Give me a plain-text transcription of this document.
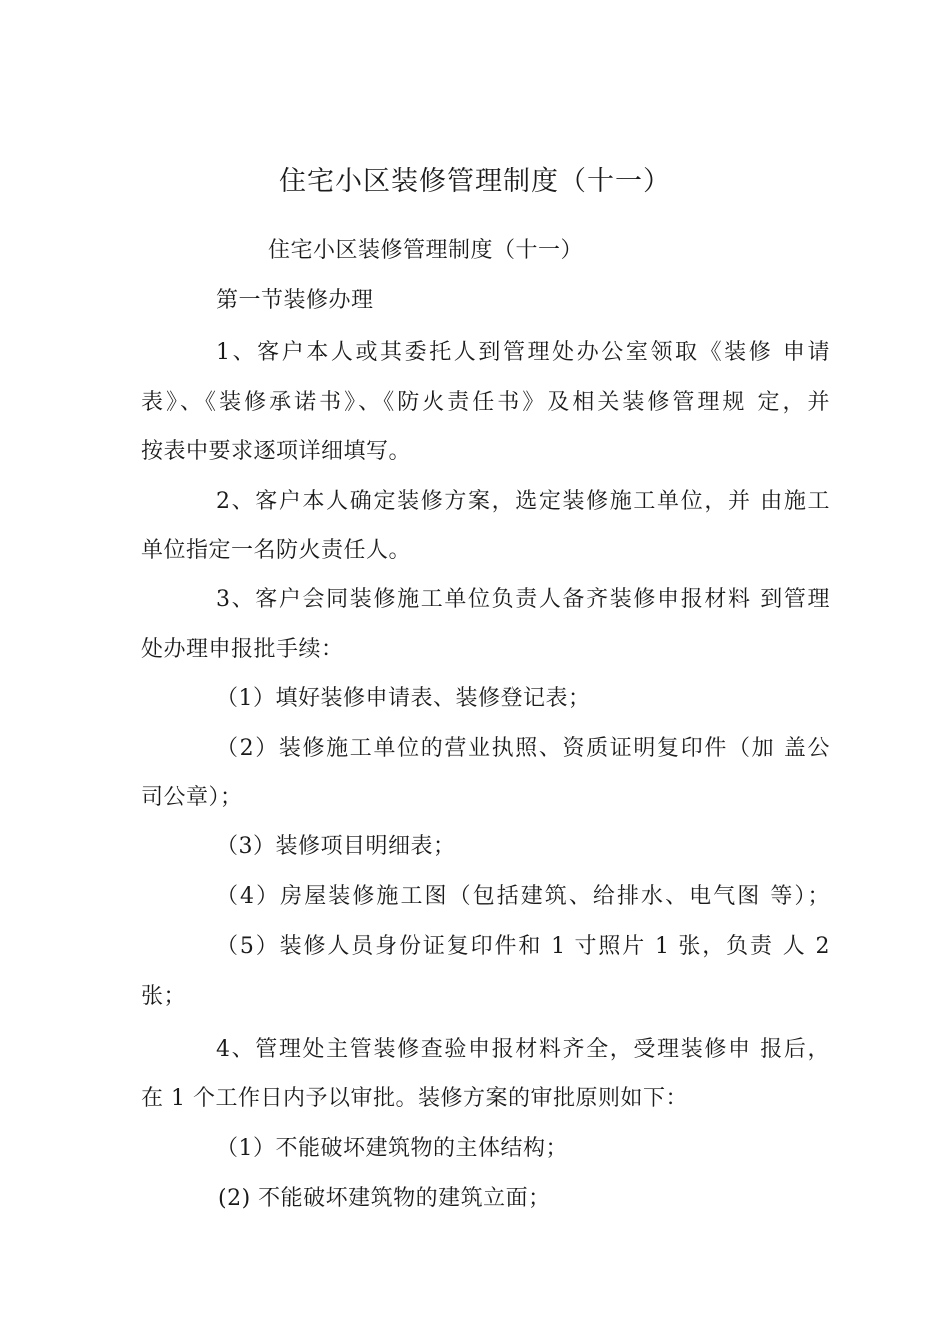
住宅小区装修管理制度（十一）
住宅小区装修管理制度（十一）
第一节装修办理
1、客户本人或其委托人到管理处办公室领取《装修 申请
表》、《装修承诺书》、《防火责任书》及相关装修管理规 定，并
按表中要求逐项详细填写。
2、客户本人确定装修方案，选定装修施工单位，并 由施工
单位指定一名防火责任人。
3、客户会同装修施工单位负责人备齐装修申报材料 到管理
处办理申报批手续：
（1）填好装修申请表、装修登记表；
（2）装修施工单位的营业执照、资质证明复印件（加 盖公
司公章）；
（3）装修项目明细表；
（4）房屋装修施工图（包括建筑、给排水、电气图 等）；
（5）装修人员身份证复印件和 1 寸照片 1 张，负责 人 2
张；
4、管理处主管装修查验申报材料齐全，受理装修申 报后，
在 1 个工作日内予以审批。装修方案的审批原则如下：
（1）不能破坏建筑物的主体结构；
(2) 不能破坏建筑物的建筑立面；
